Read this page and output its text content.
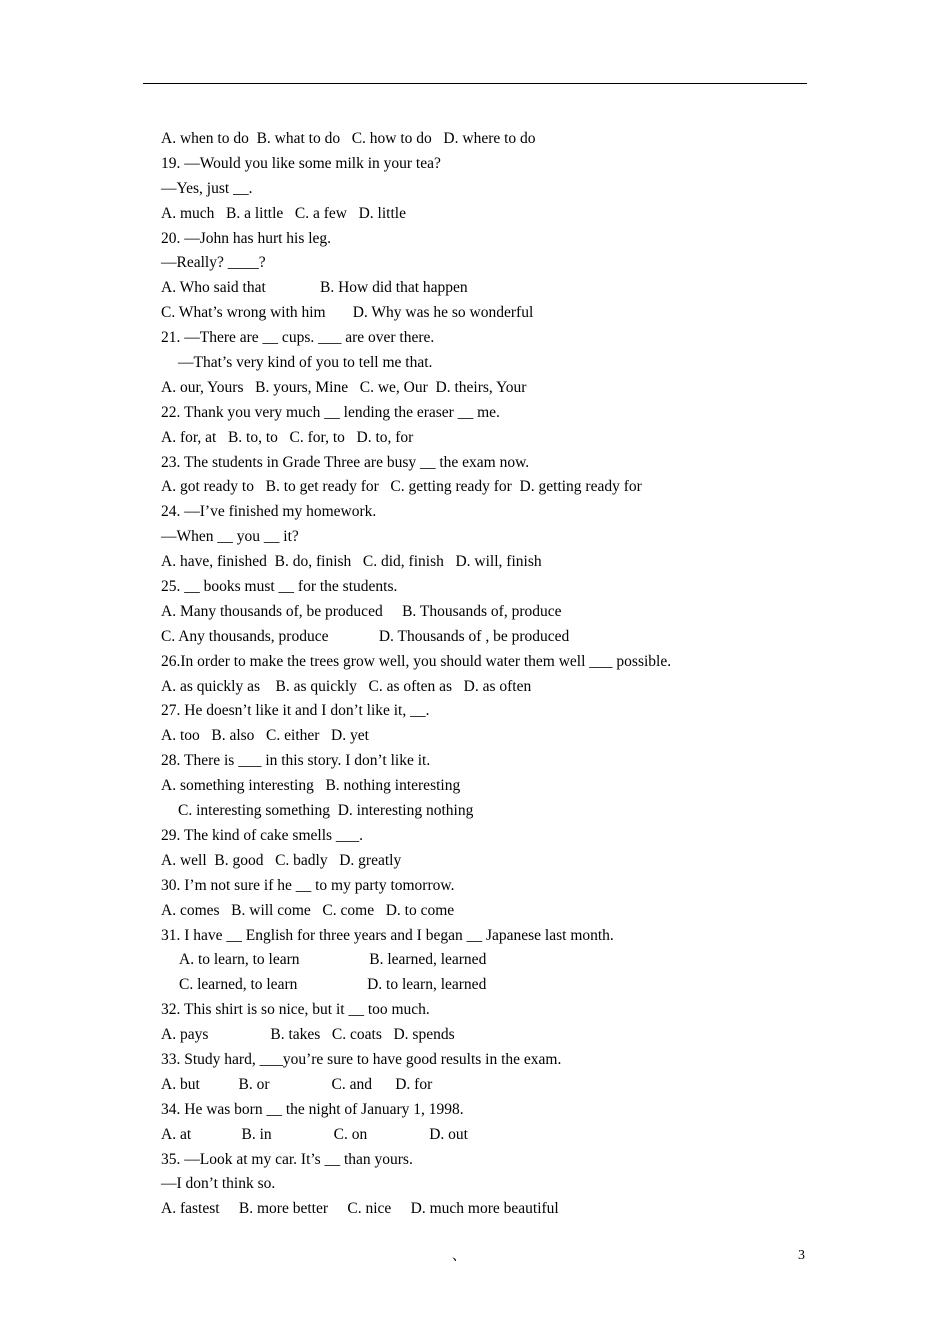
A. when to do  B. what to do   C. how to do   D. where to do
19. —Would you like some milk in your tea?
—Yes, just __.
A. much   B. a little   C. a few   D. little
20. —John has hurt his leg.
—Really? ____?
A. Who said that              B. How did that happen
C. What’s wrong with him       D. Why was he so wonderful
21. —There are __ cups. ___ are over there.
—That’s very kind of you to tell me that.
A. our, Yours   B. yours, Mine   C. we, Our  D. theirs, Your
22. Thank you very much __ lending the eraser __ me.
A. for, at   B. to, to   C. for, to   D. to, for
23. The students in Grade Three are busy __ the exam now.
A. got ready to   B. to get ready for   C. getting ready for  D. getting ready for
24. —I’ve finished my homework.
—When __ you __ it?
A. have, finished  B. do, finish   C. did, finish   D. will, finish
25. __ books must __ for the students.
A. Many thousands of, be produced     B. Thousands of, produce
C. Any thousands, produce             D. Thousands of , be produced
26.In order to make the trees grow well, you should water them well ___ possible.
A. as quickly as    B. as quickly   C. as often as   D. as often
27. He doesn’t like it and I don’t like it, __.
A. too   B. also   C. either   D. yet
28. There is ___ in this story. I don’t like it.
A. something interesting   B. nothing interesting
C. interesting something  D. interesting nothing
29. The kind of cake smells ___.
A. well  B. good   C. badly   D. greatly
30. I’m not sure if he __ to my party tomorrow.
A. comes   B. will come   C. come   D. to come
31. I have __ English for three years and I began __ Japanese last month.
A. to learn, to learn                  B. learned, learned
C. learned, to learn                  D. to learn, learned
32. This shirt is so nice, but it __ too much.
A. pays                B. takes   C. coats   D. spends
33. Study hard, ___you’re sure to have good results in the exam.
A. but          B. or                C. and      D. for
34. He was born __ the night of January 1, 1998.
A. at             B. in                C. on                D. out
35. —Look at my car. It’s __ than yours.
—I don’t think so.
A. fastest     B. more better     C. nice     D. much more beautiful
、	3
